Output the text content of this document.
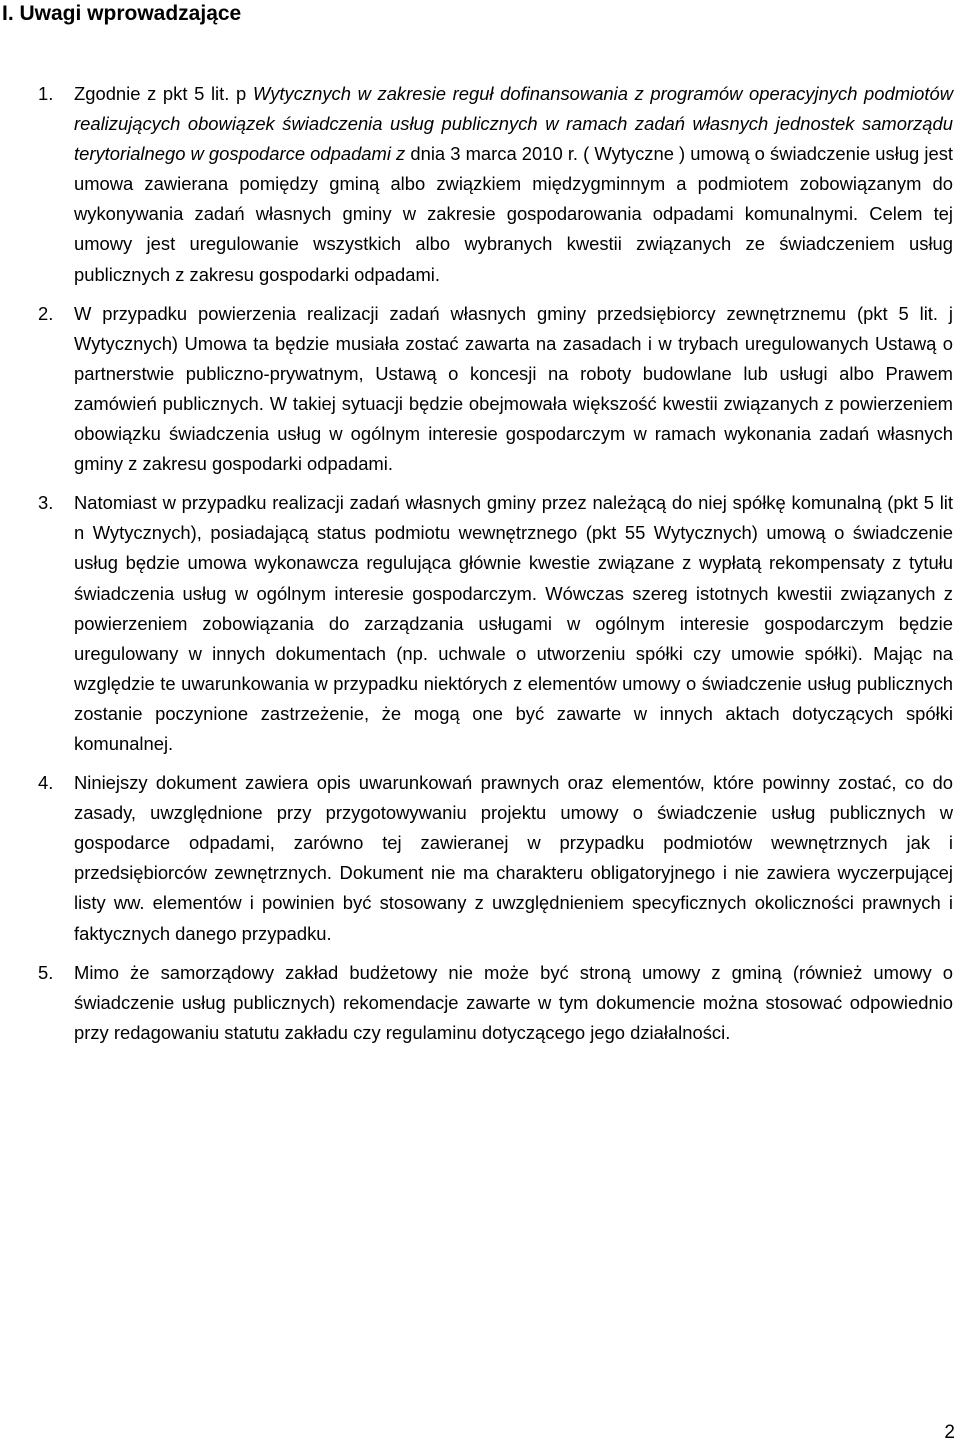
I. Uwagi wprowadzające
1. Zgodnie z pkt 5 lit. p Wytycznych w zakresie reguł dofinansowania z programów operacyjnych podmiotów realizujących obowiązek świadczenia usług publicznych w ramach zadań własnych jednostek samorządu terytorialnego w gospodarce odpadami z dnia 3 marca 2010 r. ( Wytyczne ) umową o świadczenie usług jest umowa zawierana pomiędzy gminą albo związkiem międzygminnym a podmiotem zobowiązanym do wykonywania zadań własnych gminy w zakresie gospodarowania odpadami komunalnymi. Celem tej umowy jest uregulowanie wszystkich albo wybranych kwestii związanych ze świadczeniem usług publicznych z zakresu gospodarki odpadami.
2. W przypadku powierzenia realizacji zadań własnych gminy przedsiębiorcy zewnętrznemu (pkt 5 lit. j Wytycznych) Umowa ta będzie musiała zostać zawarta na zasadach i w trybach uregulowanych Ustawą o partnerstwie publiczno-prywatnym, Ustawą o koncesji na roboty budowlane lub usługi albo Prawem zamówień publicznych. W takiej sytuacji będzie obejmowała większość kwestii związanych z powierzeniem obowiązku świadczenia usług w ogólnym interesie gospodarczym w ramach wykonania zadań własnych gminy z zakresu gospodarki odpadami.
3. Natomiast w przypadku realizacji zadań własnych gminy przez należącą do niej spółkę komunalną (pkt 5 lit n Wytycznych), posiadającą status podmiotu wewnętrznego (pkt 55 Wytycznych) umową o świadczenie usług będzie umowa wykonawcza regulująca głównie kwestie związane z wypłatą rekompensaty z tytułu świadczenia usług w ogólnym interesie gospodarczym. Wówczas szereg istotnych kwestii związanych z powierzeniem zobowiązania do zarządzania usługami w ogólnym interesie gospodarczym będzie uregulowany w innych dokumentach (np. uchwale o utworzeniu spółki czy umowie spółki). Mając na względzie te uwarunkowania w przypadku niektórych z elementów umowy o świadczenie usług publicznych zostanie poczynione zastrzeżenie, że mogą one być zawarte w innych aktach dotyczących spółki komunalnej.
4. Niniejszy dokument zawiera opis uwarunkowań prawnych oraz elementów, które powinny zostać, co do zasady, uwzględnione przy przygotowywaniu projektu umowy o świadczenie usług publicznych w gospodarce odpadami, zarówno tej zawieranej w przypadku podmiotów wewnętrznych jak i przedsiębiorców zewnętrznych. Dokument nie ma charakteru obligatoryjnego i nie zawiera wyczerpującej listy ww. elementów i powinien być stosowany z uwzględnieniem specyficznych okoliczności prawnych i faktycznych danego przypadku.
5. Mimo że samorządowy zakład budżetowy nie może być stroną umowy z gminą (również umowy o świadczenie usług publicznych) rekomendacje zawarte w tym dokumencie można stosować odpowiednio przy redagowaniu statutu zakładu czy regulaminu dotyczącego jego działalności.
2
